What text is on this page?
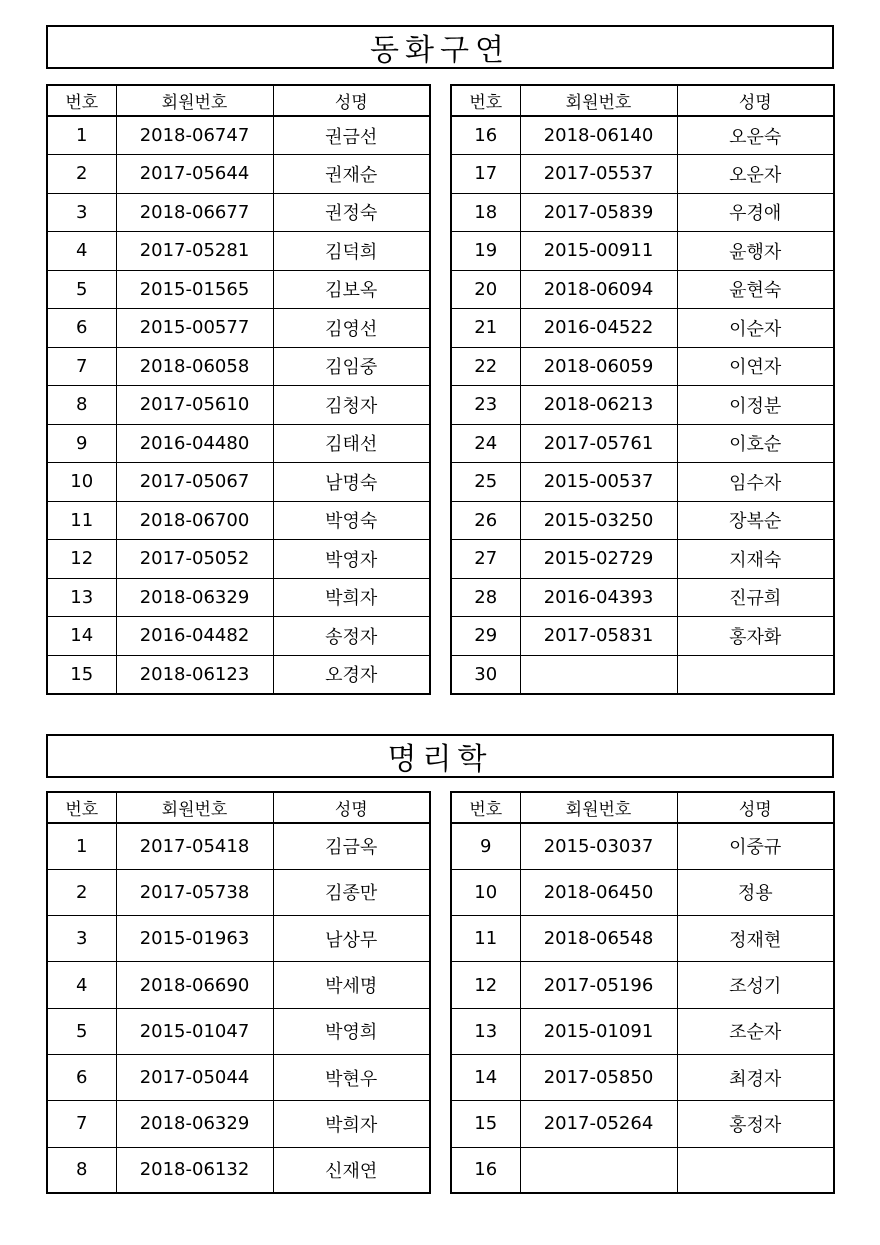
동화구연
번호	회원번호	성명
1	2018-06747	권금선
2	2017-05644	권재순
3	2018-06677	권정숙
4	2017-05281	김덕희
5	2015-01565	김보옥
6	2015-00577	김영선
7	2018-06058	김임중
8	2017-05610	김청자
9	2016-04480	김태선
10	2017-05067	남명숙
11	2018-06700	박영숙
12	2017-05052	박영자
13	2018-06329	박희자
14	2016-04482	송정자
15	2018-06123	오경자
번호	회원번호	성명
16	2018-06140	오운숙
17	2017-05537	오운자
18	2017-05839	우경애
19	2015-00911	윤행자
20	2018-06094	윤현숙
21	2016-04522	이순자
22	2018-06059	이연자
23	2018-06213	이정분
24	2017-05761	이호순
25	2015-00537	임수자
26	2015-03250	장복순
27	2015-02729	지재숙
28	2016-04393	진규희
29	2017-05831	홍자화
30		
명리학
번호	회원번호	성명
1	2017-05418	김금옥
2	2017-05738	김종만
3	2015-01963	남상무
4	2018-06690	박세명
5	2015-01047	박영희
6	2017-05044	박현우
7	2018-06329	박희자
8	2018-06132	신재연
번호	회원번호	성명
9	2015-03037	이중규
10	2018-06450	정용
11	2018-06548	정재현
12	2017-05196	조성기
13	2015-01091	조순자
14	2017-05850	최경자
15	2017-05264	홍정자
16		
